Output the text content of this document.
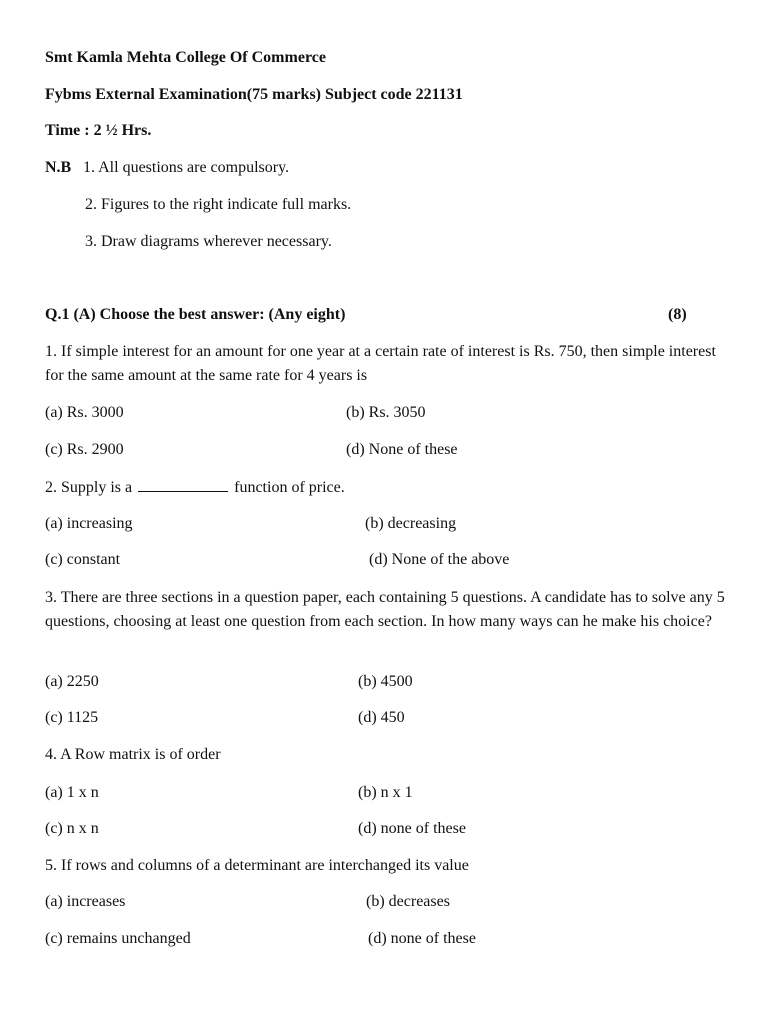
Smt Kamla Mehta College Of Commerce
Fybms External Examination(75 marks) Subject code 221131
Time : 2 ½ Hrs.
N.B 1. All questions are compulsory.
2. Figures to the right indicate full marks.
3. Draw diagrams wherever necessary.
Q.1 (A) Choose the best answer: (Any eight)	(8)
1. If simple interest for an amount for one year at a certain rate of interest is Rs. 750, then simple interest for the same amount at the same rate for 4 years is
(a) Rs. 3000	(b) Rs. 3050
(c) Rs. 2900	(d) None of these
2. Supply is a	function of price.
(a) increasing	(b) decreasing
(c) constant	(d) None of the above
3. There are three sections in a question paper, each containing 5 questions. A candidate has to solve any 5 questions, choosing at least one question from each section. In how many ways can he make his choice?
(a) 2250	(b) 4500
(c) 1125	(d) 450
4. A Row matrix is of order
(a) 1 x n	(b) n x 1
(c) n x n	(d) none of these
5. If rows and columns of a determinant are interchanged its value
(a) increases	(b) decreases
(c) remains unchanged	(d) none of these
